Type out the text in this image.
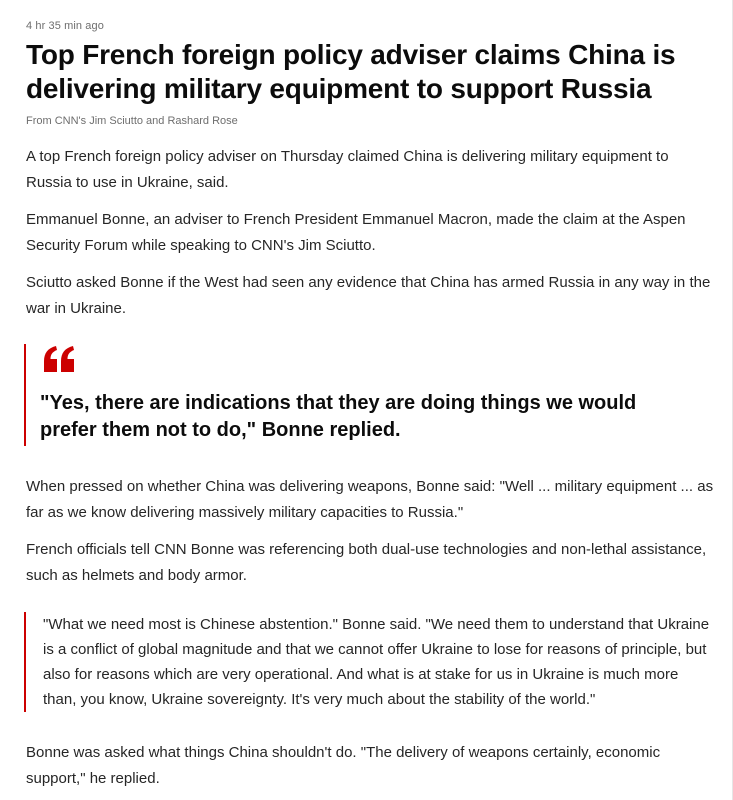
4 hr 35 min ago
Top French foreign policy adviser claims China is delivering military equipment to support Russia
From CNN's Jim Sciutto and Rashard Rose

A top French foreign policy adviser on Thursday claimed China is delivering military equipment to Russia to use in Ukraine, said.

Emmanuel Bonne, an adviser to French President Emmanuel Macron, made the claim at the Aspen Security Forum while speaking to CNN's Jim Sciutto.

Sciutto asked Bonne if the West had seen any evidence that China has armed Russia in any way in the war in Ukraine.

"Yes, there are indications that they are doing things we would prefer them not to do," Bonne replied.

When pressed on whether China was delivering weapons, Bonne said: "Well ... military equipment ... as far as we know delivering massively military capacities to Russia."

French officials tell CNN Bonne was referencing both dual-use technologies and non-lethal assistance, such as helmets and body armor.

"What we need most is Chinese abstention." Bonne said. "We need them to understand that Ukraine is a conflict of global magnitude and that we cannot offer Ukraine to lose for reasons of principle, but also for reasons which are very operational. And what is at stake for us in Ukraine is much more than, you know, Ukraine sovereignty. It's very much about the stability of the world."

Bonne was asked what things China shouldn't do. "The delivery of weapons certainly, economic support," he replied.
